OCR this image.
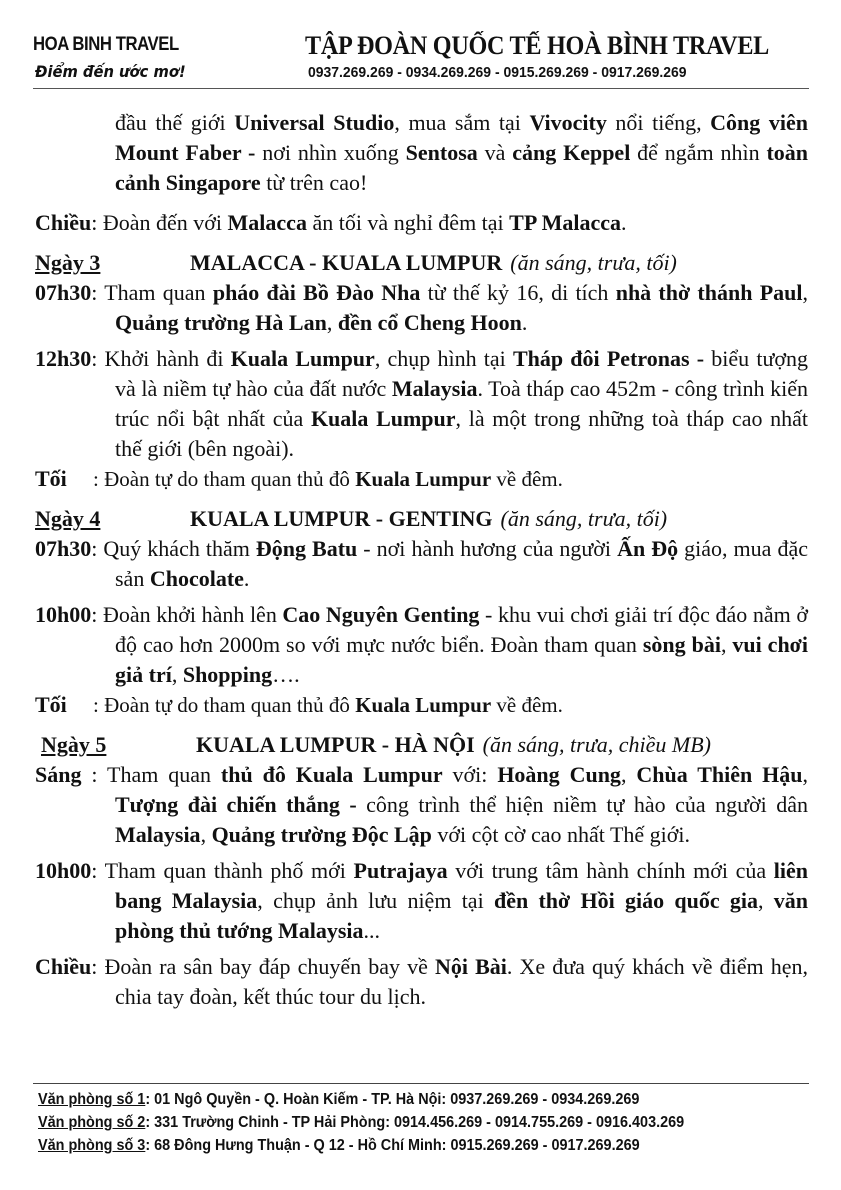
HOA BINH TRAVEL
Điểm đến ước mơ!
TẬP ĐOÀN QUỐC TẾ HOÀ BÌNH TRAVEL
0937.269.269 - 0934.269.269 - 0915.269.269 - 0917.269.269

đầu thế giới Universal Studio, mua sắm tại Vivocity nổi tiếng, Công viên Mount Faber - nơi nhìn xuống Sentosa và cảng Keppel để ngắm nhìn toàn cảnh Singapore từ trên cao!

Chiều: Đoàn đến với Malacca ăn tối và nghỉ đêm tại TP Malacca.

Ngày 3	MALACCA - KUALA LUMPUR (ăn sáng, trưa, tối)

07h30: Tham quan pháo đài Bồ Đào Nha từ thế kỷ 16, di tích nhà thờ thánh Paul, Quảng trường Hà Lan, đền cổ Cheng Hoon.

12h30: Khởi hành đi Kuala Lumpur, chụp hình tại Tháp đôi Petronas - biểu tượng và là niềm tự hào của đất nước Malaysia. Toà tháp cao 452m - công trình kiến trúc nổi bật nhất của Kuala Lumpur, là một trong những toà tháp cao nhất thế giới (bên ngoài).

Tối : Đoàn tự do tham quan thủ đô Kuala Lumpur về đêm.

Ngày 4	KUALA LUMPUR - GENTING (ăn sáng, trưa, tối)

07h30: Quý khách thăm Động Batu - nơi hành hương của người Ấn Độ giáo, mua đặc sản Chocolate.

10h00: Đoàn khởi hành lên Cao Nguyên Genting - khu vui chơi giải trí độc đáo nằm ở độ cao hơn 2000m so với mực nước biển. Đoàn tham quan sòng bài, vui chơi giả trí, Shopping….

Tối : Đoàn tự do tham quan thủ đô Kuala Lumpur về đêm.

Ngày 5	KUALA LUMPUR - HÀ NỘI (ăn sáng, trưa, chiều MB)

Sáng : Tham quan thủ đô Kuala Lumpur với: Hoàng Cung, Chùa Thiên Hậu, Tượng đài chiến thắng - công trình thể hiện niềm tự hào của người dân Malaysia, Quảng trường Độc Lập với cột cờ cao nhất Thế giới.

10h00: Tham quan thành phố mới Putrajaya với trung tâm hành chính mới của liên bang Malaysia, chụp ảnh lưu niệm tại đền thờ Hồi giáo quốc gia, văn phòng thủ tướng Malaysia...

Chiều: Đoàn ra sân bay đáp chuyến bay về Nội Bài. Xe đưa quý khách về điểm hẹn, chia tay đoàn, kết thúc tour du lịch.

Văn phòng số 1: 01 Ngô Quyền - Q. Hoàn Kiếm - TP. Hà Nội: 0937.269.269 - 0934.269.269
Văn phòng số 2: 331 Trường Chinh - TP Hải Phòng: 0914.456.269 - 0914.755.269 - 0916.403.269
Văn phòng số 3: 68 Đông Hưng Thuận - Q 12 - Hồ Chí Minh: 0915.269.269 - 0917.269.269
